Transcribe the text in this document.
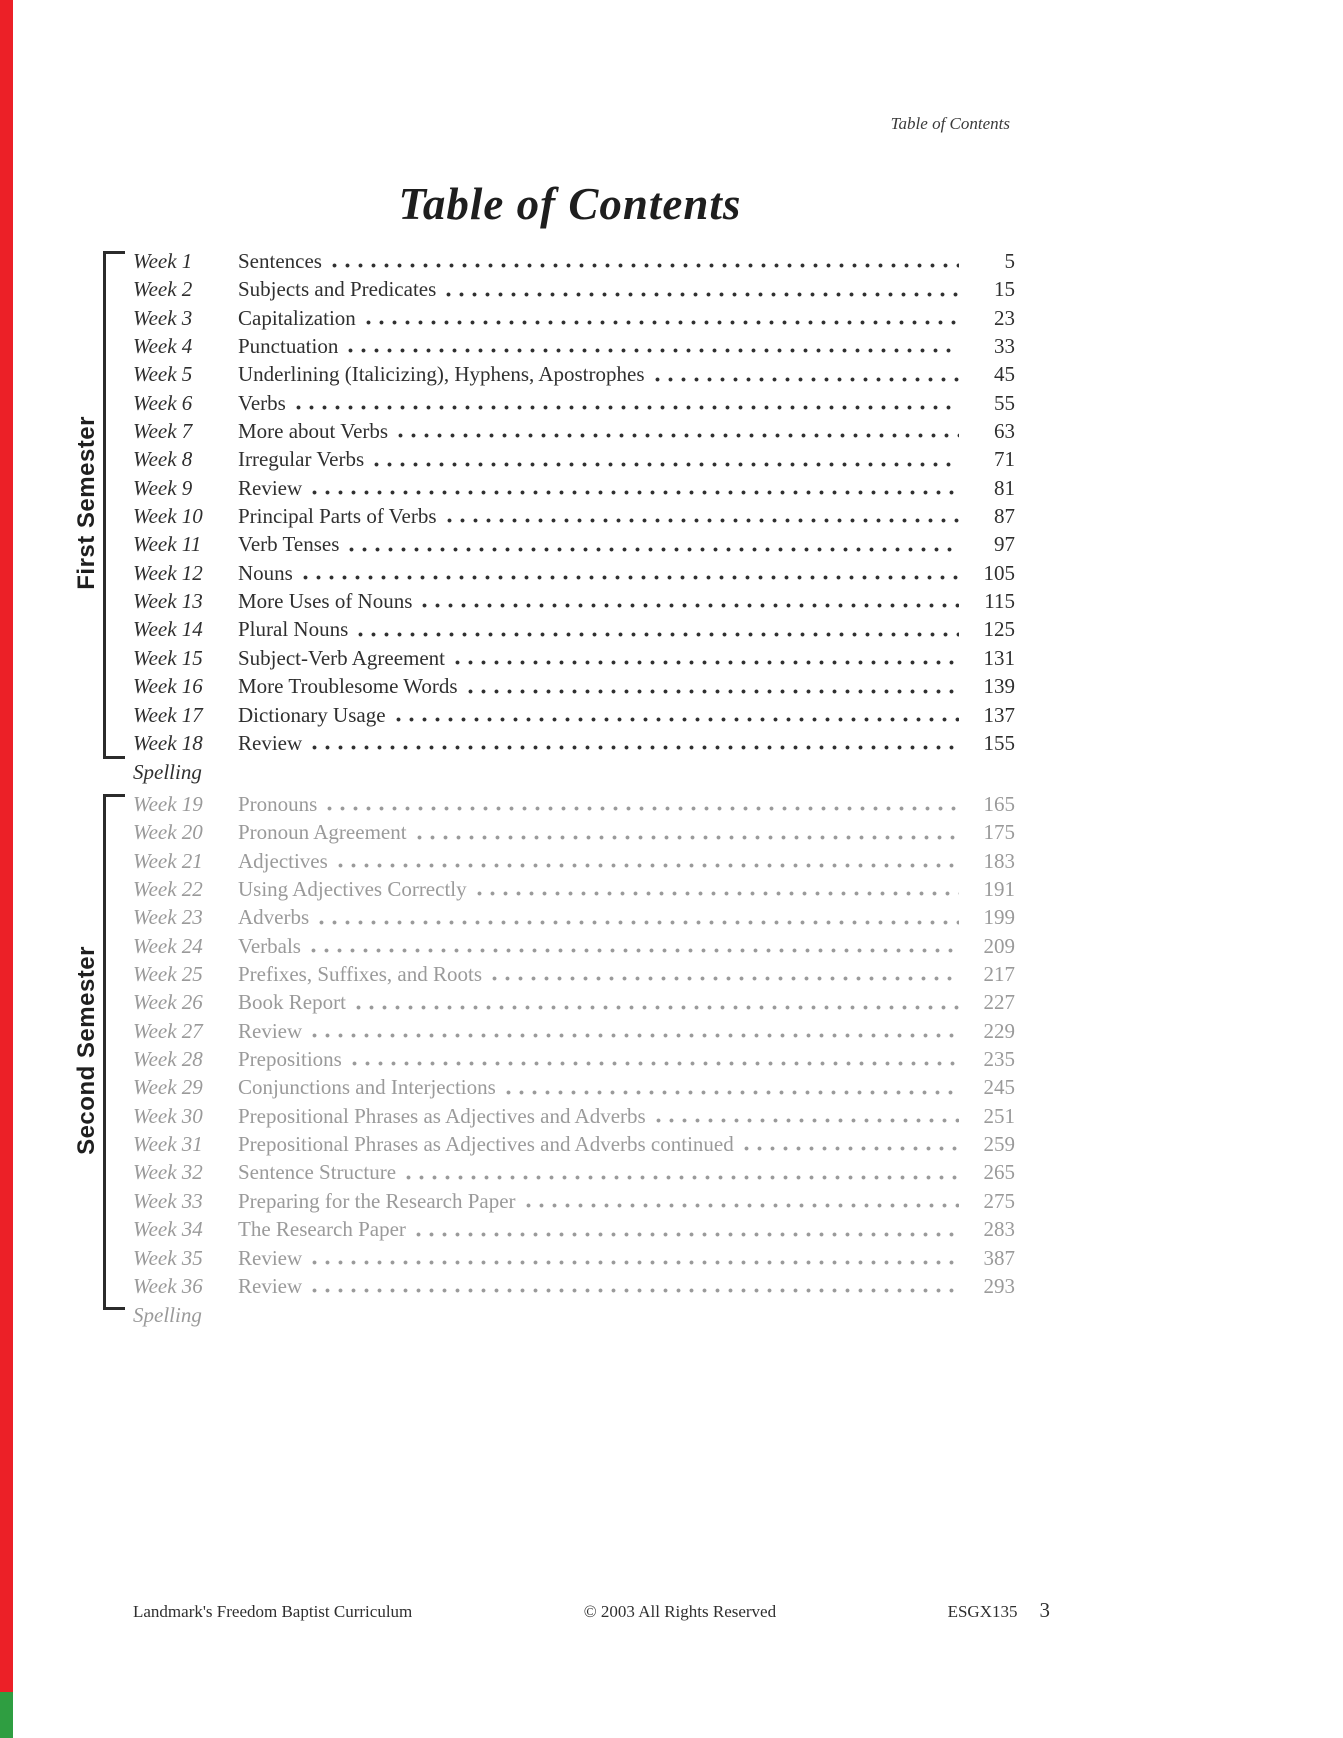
Table of Contents
Table of Contents
First Semester
Week 1	Sentences	5
Week 2	Subjects and Predicates	15
Week 3	Capitalization	23
Week 4	Punctuation	33
Week 5	Underlining (Italicizing), Hyphens, Apostrophes	45
Week 6	Verbs	55
Week 7	More about Verbs	63
Week 8	Irregular Verbs	71
Week 9	Review	81
Week 10	Principal Parts of Verbs	87
Week 11	Verb Tenses	97
Week 12	Nouns	105
Week 13	More Uses of Nouns	115
Week 14	Plural Nouns	125
Week 15	Subject-Verb Agreement	131
Week 16	More Troublesome Words	139
Week 17	Dictionary Usage	137
Week 18	Review	155
Spelling
Second Semester
Week 19	Pronouns	165
Week 20	Pronoun Agreement	175
Week 21	Adjectives	183
Week 22	Using Adjectives Correctly	191
Week 23	Adverbs	199
Week 24	Verbals	209
Week 25	Prefixes, Suffixes, and Roots	217
Week 26	Book Report	227
Week 27	Review	229
Week 28	Prepositions	235
Week 29	Conjunctions and Interjections	245
Week 30	Prepositional Phrases as Adjectives and Adverbs	251
Week 31	Prepositional Phrases as Adjectives and Adverbs continued	259
Week 32	Sentence Structure	265
Week 33	Preparing for the Research Paper	275
Week 34	The Research Paper	283
Week 35	Review	387
Week 36	Review	293
Spelling
Landmark's Freedom Baptist Curriculum	© 2003 All Rights Reserved	ESGX135 3
